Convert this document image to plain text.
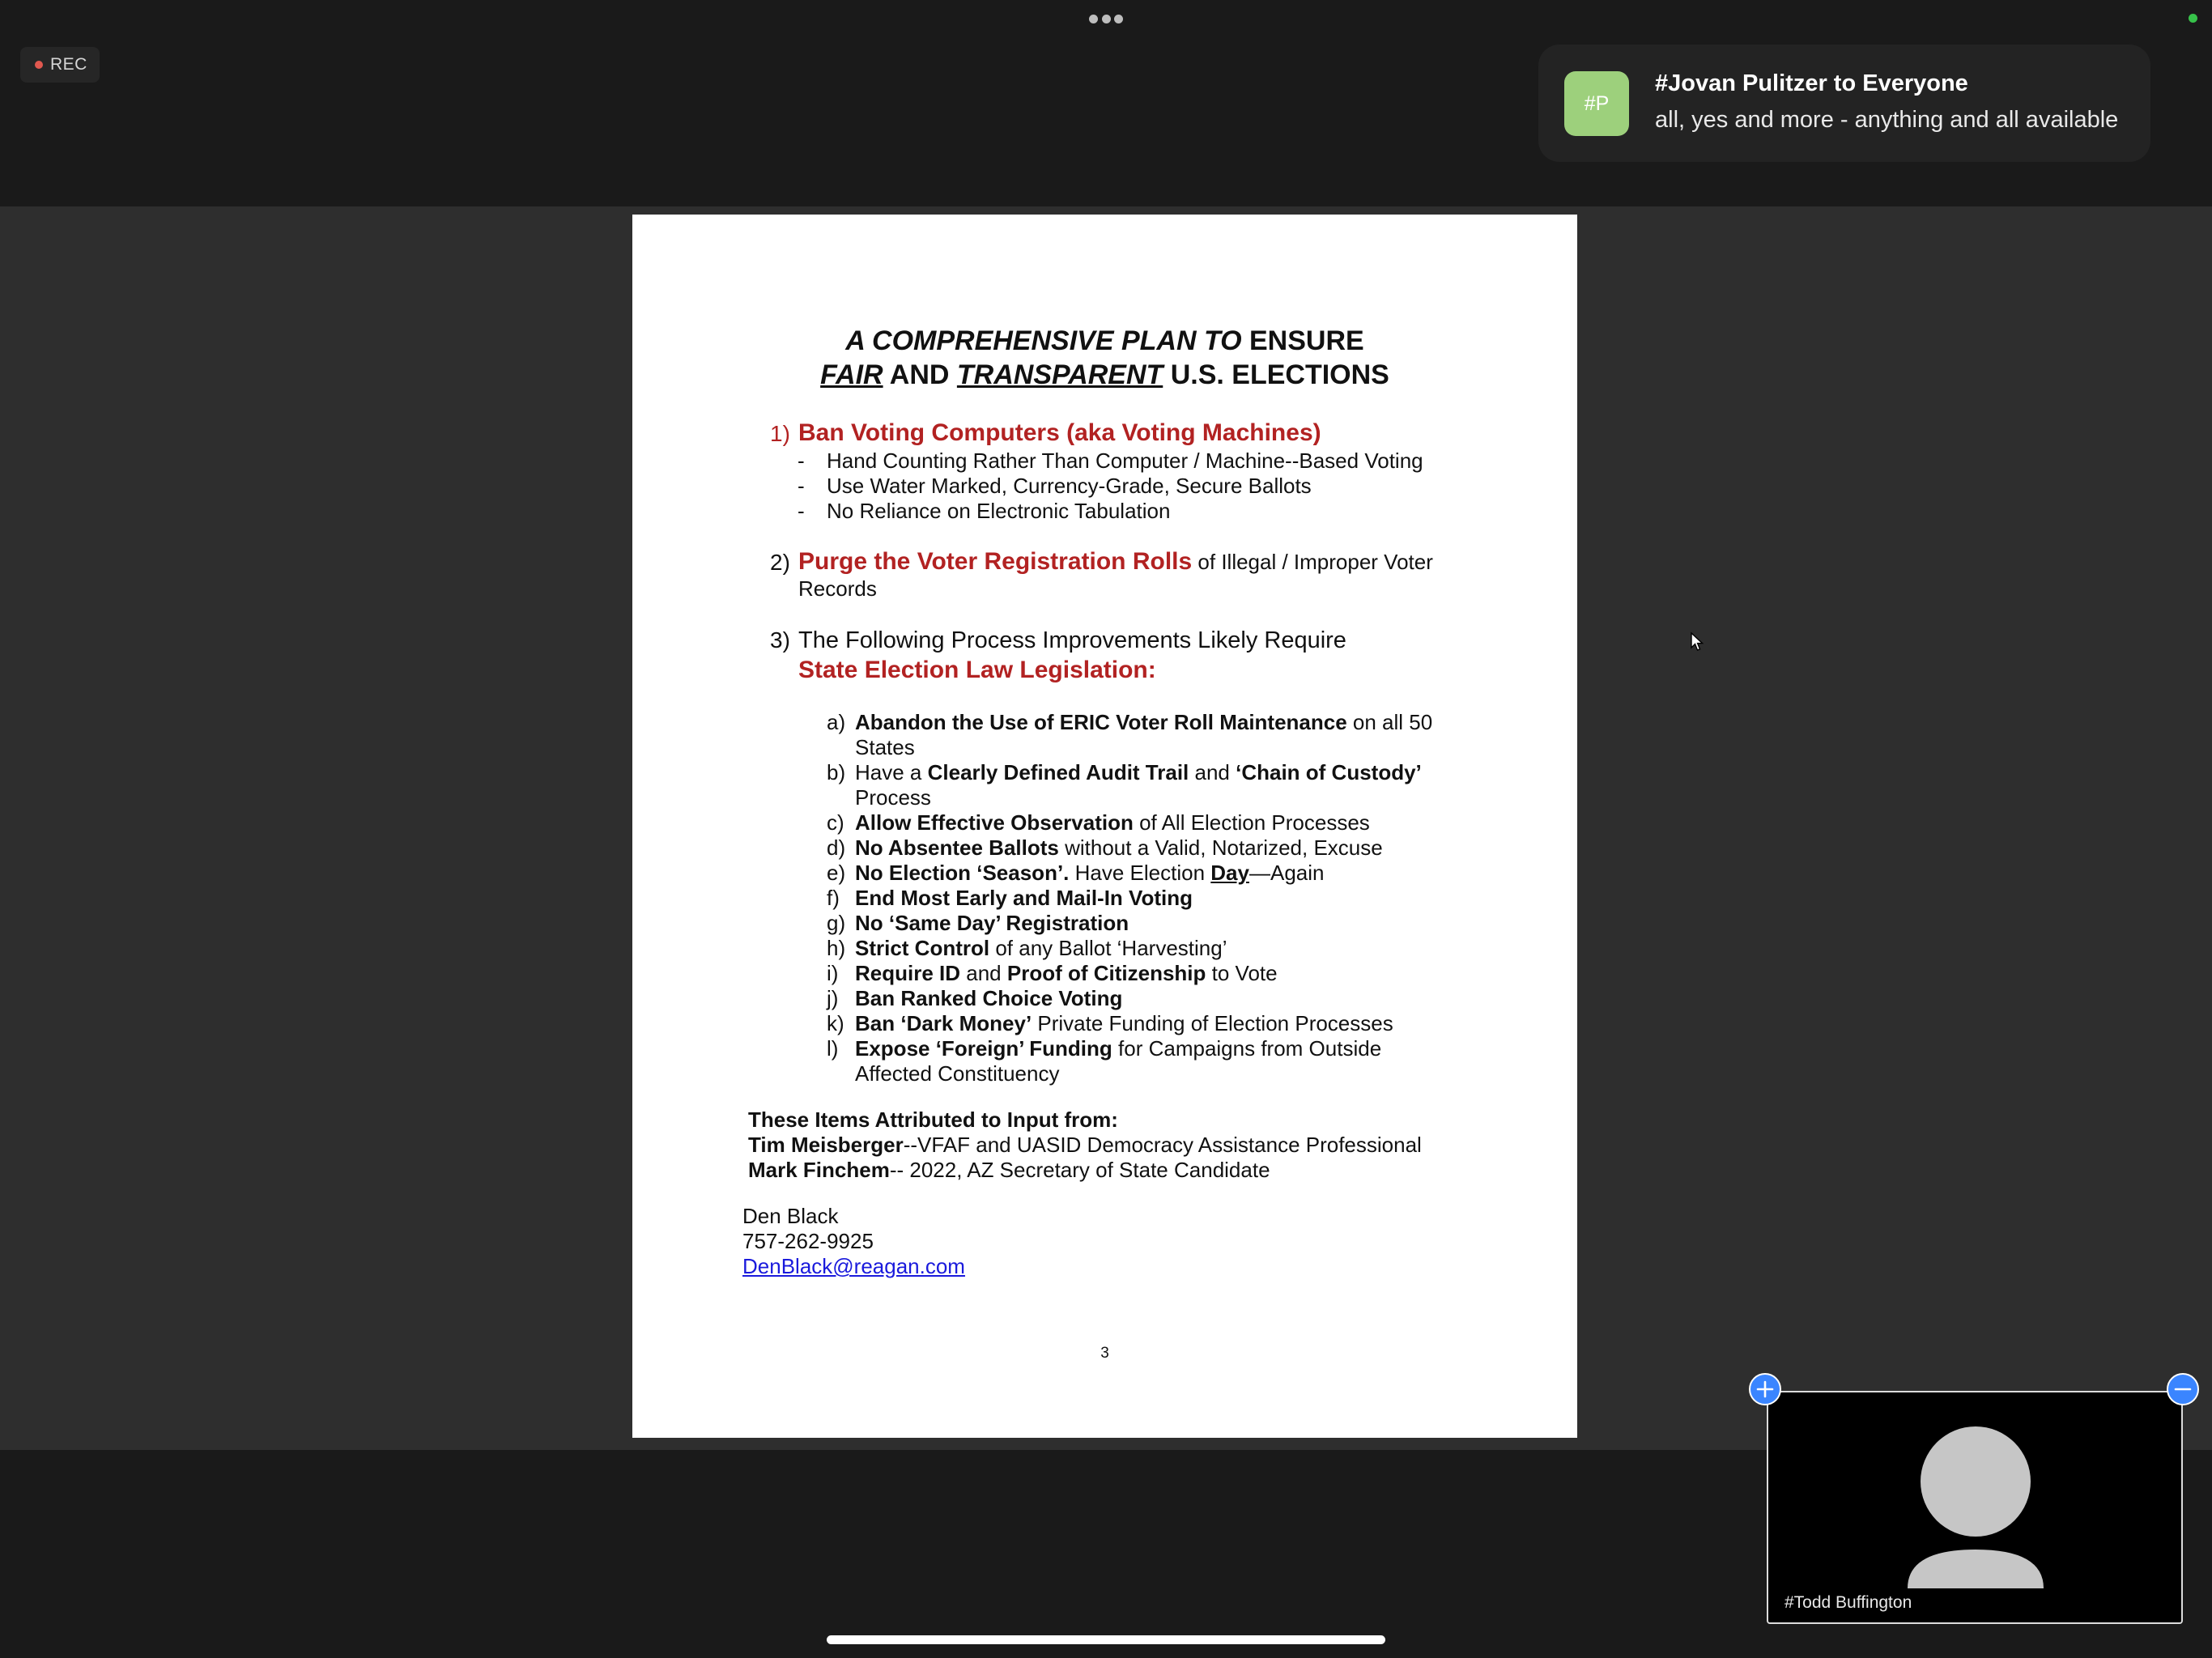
REC
#P
#Jovan Pulitzer to Everyone
all, yes and more - anything and all available
A COMPREHENSIVE PLAN TO ENSURE
FAIR AND TRANSPARENT U.S. ELECTIONS
1) Ban Voting Computers (aka Voting Machines)
- Hand Counting Rather Than Computer / Machine--Based Voting
- Use Water Marked, Currency-Grade, Secure Ballots
- No Reliance on Electronic Tabulation
2) Purge the Voter Registration Rolls of Illegal / Improper Voter
Records
3) The Following Process Improvements Likely Require
State Election Law Legislation:
a) Abandon the Use of ERIC Voter Roll Maintenance on all 50
States
b) Have a Clearly Defined Audit Trail and ‘Chain of Custody’
Process
c) Allow Effective Observation of All Election Processes
d) No Absentee Ballots without a Valid, Notarized, Excuse
e) No Election ‘Season’. Have Election Day—Again
f) End Most Early and Mail-In Voting
g) No ‘Same Day’ Registration
h) Strict Control of any Ballot ‘Harvesting’
i) Require ID and Proof of Citizenship to Vote
j) Ban Ranked Choice Voting
k) Ban ‘Dark Money’ Private Funding of Election Processes
l) Expose ‘Foreign’ Funding for Campaigns from Outside
Affected Constituency
These Items Attributed to Input from:
Tim Meisberger--VFAF and UASID Democracy Assistance Professional
Mark Finchem-- 2022, AZ Secretary of State Candidate
Den Black
757-262-9925
DenBlack@reagan.com
3
#Todd Buffington
